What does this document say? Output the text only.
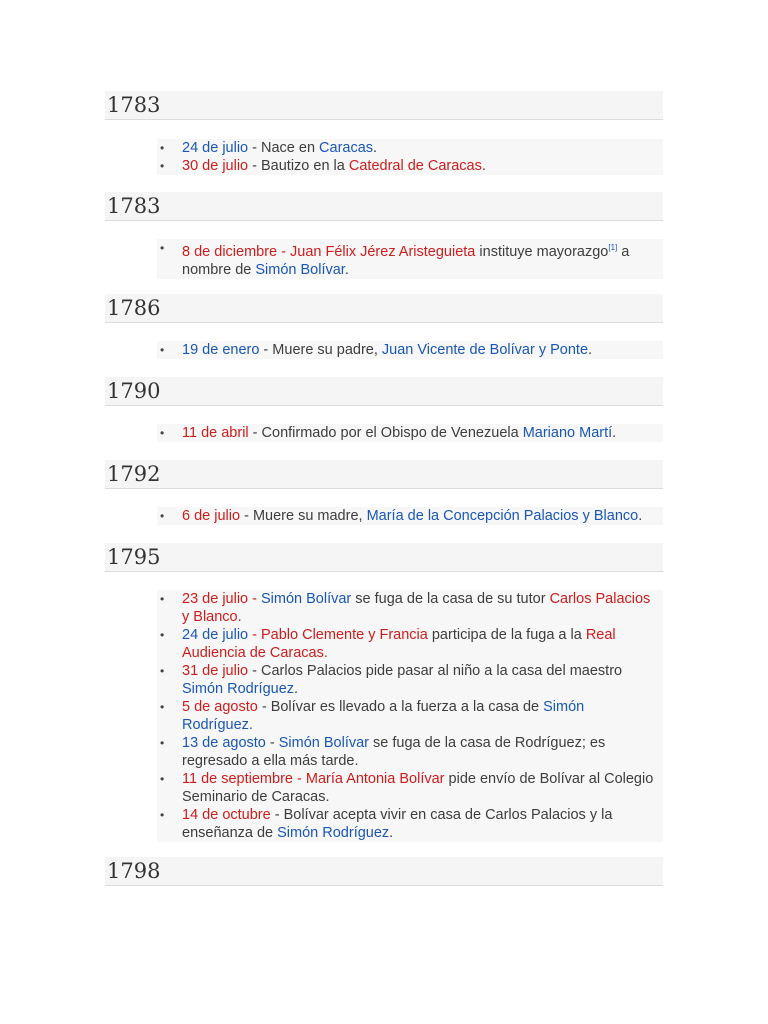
1783
• 24 de julio - Nace en Caracas.
• 30 de julio - Bautizo en la Catedral de Caracas.
1783
• 8 de diciembre - Juan Félix Jérez Aristeguieta instituye mayorazgo[1] a nombre de Simón Bolívar.
1786
• 19 de enero - Muere su padre, Juan Vicente de Bolívar y Ponte.
1790
• 11 de abril - Confirmado por el Obispo de Venezuela Mariano Martí.
1792
• 6 de julio - Muere su madre, María de la Concepción Palacios y Blanco.
1795
• 23 de julio - Simón Bolívar se fuga de la casa de su tutor Carlos Palacios y Blanco.
• 24 de julio - Pablo Clemente y Francia participa de la fuga a la Real Audiencia de Caracas.
• 31 de julio - Carlos Palacios pide pasar al niño a la casa del maestro Simón Rodríguez.
• 5 de agosto - Bolívar es llevado a la fuerza a la casa de Simón Rodríguez.
• 13 de agosto - Simón Bolívar se fuga de la casa de Rodríguez; es regresado a ella más tarde.
• 11 de septiembre - María Antonia Bolívar pide envío de Bolívar al Colegio Seminario de Caracas.
• 14 de octubre - Bolívar acepta vivir en casa de Carlos Palacios y la enseñanza de Simón Rodríguez.
1798
